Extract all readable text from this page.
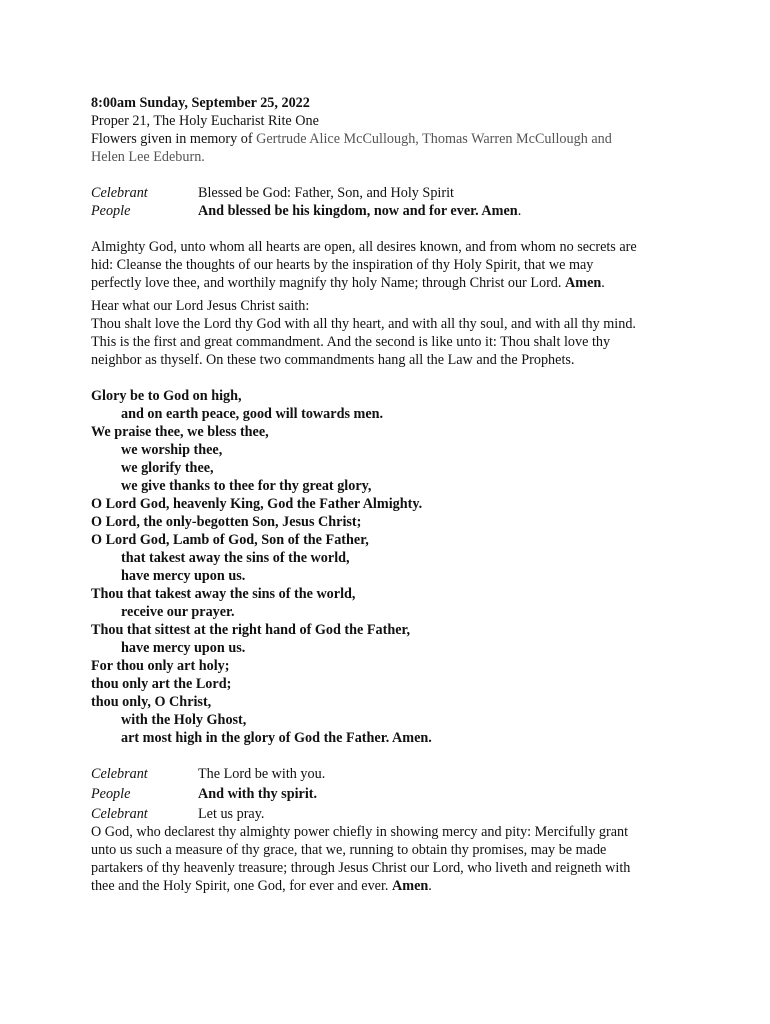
8:00am Sunday, September 25, 2022

Proper 21, The Holy Eucharist Rite One

Flowers given in memory of Gertrude Alice McCullough, Thomas Warren McCullough and

Helen Lee Edeburn.

Celebrant	Blessed be God: Father, Son, and Holy Spirit
People	And blessed be his kingdom, now and for ever. Amen .

Almighty God, unto whom all hearts are open, all desires known, and from whom no secrets are

hid: Cleanse the thoughts of our hearts by the inspiration of thy Holy Spirit, that we may

perfectly love thee, and worthily magnify thy holy Name; through Christ our Lord. Amen.

Hear what our Lord Jesus Christ saith:

Thou shalt love the Lord thy God with all thy heart, and with all thy soul, and with all thy mind.

This is the first and great commandment. And the second is like unto it: Thou shalt love thy

neighbor as thyself. On these two commandments hang all the Law and the Prophets.

Glory be to God on high,

and on earth peace, good will towards men.

We praise thee, we bless thee,

we worship thee,

we glorify thee,

we give thanks to thee for thy great glory,

O Lord God, heavenly King, God the Father Almighty.

O Lord, the only-begotten Son, Jesus Christ;

O Lord God, Lamb of God, Son of the Father,

that takest away the sins of the world,

have mercy upon us.

Thou that takest away the sins of the world,

receive our prayer.

Thou that sittest at the right hand of God the Father,

have mercy upon us.

For thou only art holy;

thou only art the Lord;

thou only, O Christ,

with the Holy Ghost,

art most high in the glory of God the Father. Amen.

Celebrant	The Lord be with you.
People	And with thy spirit.
Celebrant	Let us pray.

O God, who declarest thy almighty power chiefly in showing mercy and pity: Mercifully grant

unto us such a measure of thy grace, that we, running to obtain thy promises, may be made

partakers of thy heavenly treasure; through Jesus Christ our Lord, who liveth and reigneth with

thee and the Holy Spirit, one God, for ever and ever. Amen.
